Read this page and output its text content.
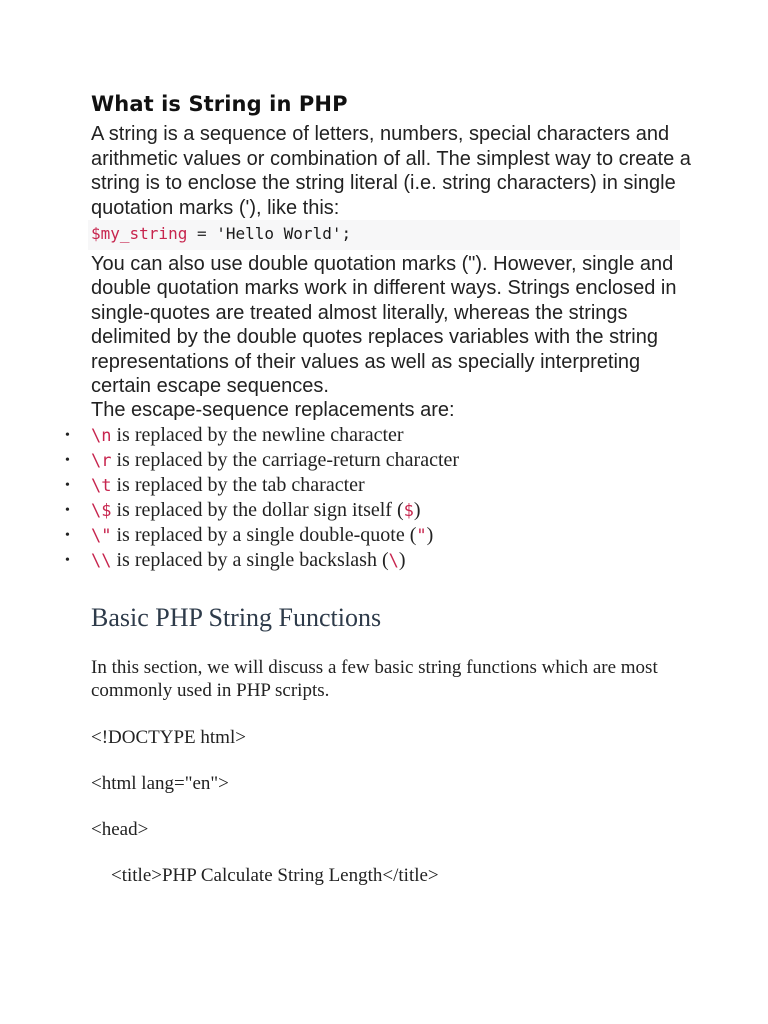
What is String in PHP

A string is a sequence of letters, numbers, special characters and arithmetic values or combination of all. The simplest way to create a string is to enclose the string literal (i.e. string characters) in single quotation marks ('), like this:

$my_string = 'Hello World';

You can also use double quotation marks ("). However, single and double quotation marks work in different ways. Strings enclosed in single-quotes are treated almost literally, whereas the strings delimited by the double quotes replaces variables with the string representations of their values as well as specially interpreting certain escape sequences.
The escape-sequence replacements are:

• \n is replaced by the newline character
• \r is replaced by the carriage-return character
• \t is replaced by the tab character
• \$ is replaced by the dollar sign itself ($)
• \" is replaced by a single double-quote (")
• \\ is replaced by a single backslash (\)
Basic PHP String Functions

In this section, we will discuss a few basic string functions which are most commonly used in PHP scripts.

<!DOCTYPE html>

<html lang="en">

<head>

<title>PHP Calculate String Length</title>
